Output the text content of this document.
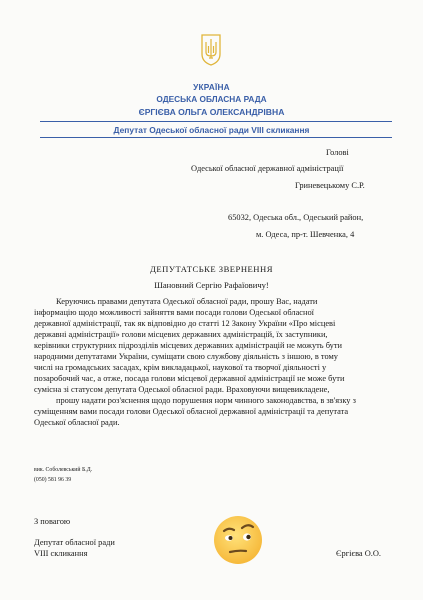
УКРАЇНА
ОДЕСЬКА ОБЛАСНА РАДА
ЄРГІЄВА ОЛЬГА ОЛЕКСАНДРІВНА
Депутат Одеської обласної ради VIII скликання
Голові
Одеської обласної державної адміністрації
Гриневецькому С.Р.
65032, Одеська обл., Одеський район,
м. Одеса, пр-т. Шевченка, 4
ДЕПУТАТСЬКЕ ЗВЕРНЕННЯ
Шановний Сергію Рафаїовичу!
Керуючись правами депутата Одеської обласної ради, прошу Вас, надати
інформацію щодо можливості зайняття вами посади голови Одеської обласної
державної адміністрації, так як відповідно до статті 12 Закону України «Про місцеві
державні адміністрації» голови місцевих державних адміністрацій, їх заступники,
керівники структурних підрозділів місцевих державних адміністрацій не можуть бути
народними депутатами України, суміщати свою службову діяльність з іншою, в тому
числі на громадських засадах, крім викладацької, наукової та творчої діяльності у
позаробочий час, а отже, посада голови місцевої державної адміністрації не може бути
сумісна зі статусом депутата Одеської обласної ради. Враховуючи вищевикладене,
прошу надати роз'яснення щодо порушення норм чинного законодавства, в зв'язку з
суміщенням вами посади голови Одеської обласної державної адміністрації та депутата
Одеської обласної ради.
вик. Соболевський Б.Д.
(050) 581 96 39
З повагою
Депутат обласної ради
VIII скликання	Єргієва О.О.
